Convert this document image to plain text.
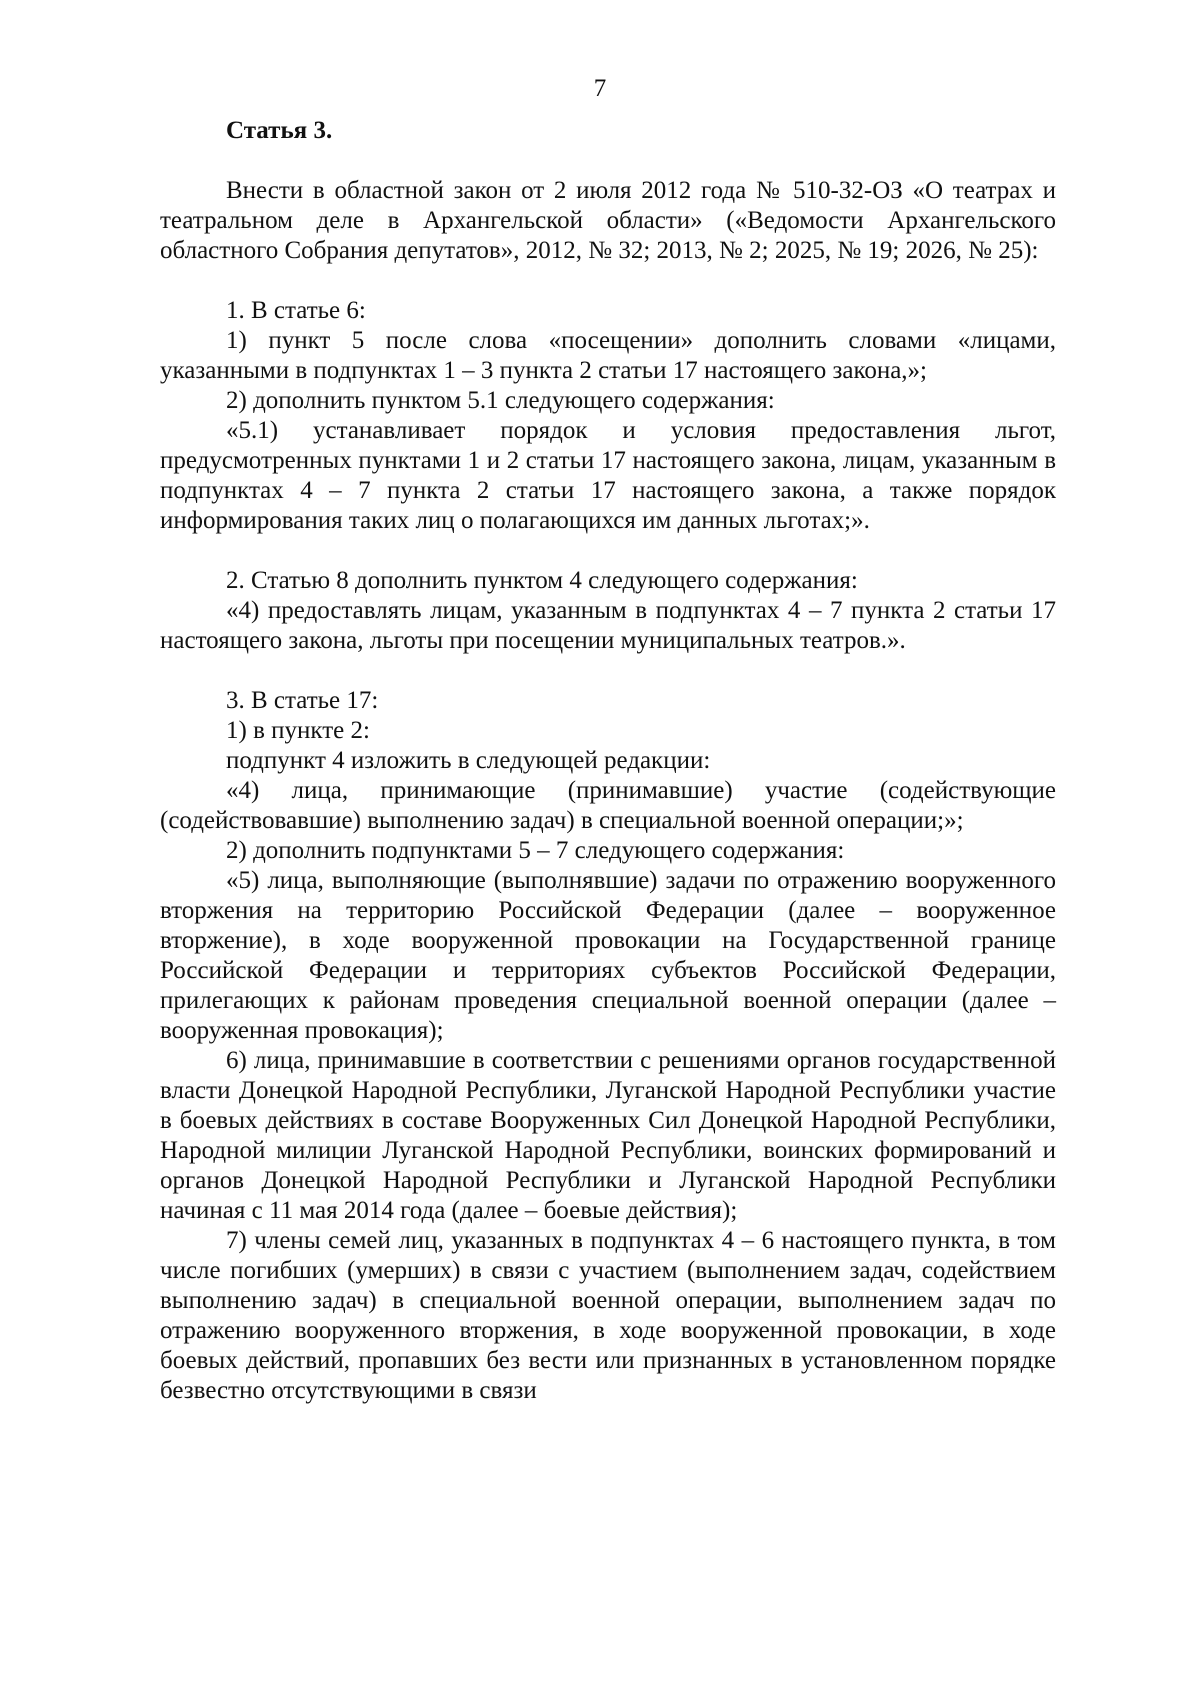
7
Статья 3.

Внести в областной закон от 2 июля 2012 года № 510-32-ОЗ «О театрах и театральном деле в Архангельской области» («Ведомости Архангельского областного Собрания депутатов», 2012, № 32; 2013, № 2; 2025, № 19; 2026, № 25):

1. В статье 6:

1) пункт 5 после слова «посещении» дополнить словами «лицами, указанными в подпунктах 1 – 3 пункта 2 статьи 17 настоящего закона,»;

2) дополнить пунктом 5.1 следующего содержания:

«5.1) устанавливает порядок и условия предоставления льгот, предусмотренных пунктами 1 и 2 статьи 17 настоящего закона, лицам, указанным в подпунктах 4 – 7 пункта 2 статьи 17 настоящего закона, а также порядок информирования таких лиц о полагающихся им данных льготах;».

2. Статью 8 дополнить пунктом 4 следующего содержания:

«4) предоставлять лицам, указанным в подпунктах 4 – 7 пункта 2 статьи 17 настоящего закона, льготы при посещении муниципальных театров.».

3. В статье 17:

1) в пункте 2:

подпункт 4 изложить в следующей редакции:

«4) лица, принимающие (принимавшие) участие (содействующие (содействовавшие) выполнению задач) в специальной военной операции;»;

2) дополнить подпунктами 5 – 7 следующего содержания:

«5) лица, выполняющие (выполнявшие) задачи по отражению вооруженного вторжения на территорию Российской Федерации (далее – вооруженное вторжение), в ходе вооруженной провокации на Государственной границе Российской Федерации и территориях субъектов Российской Федерации, прилегающих к районам проведения специальной военной операции (далее – вооруженная провокация);

6) лица, принимавшие в соответствии с решениями органов государственной власти Донецкой Народной Республики, Луганской Народной Республики участие в боевых действиях в составе Вооруженных Сил Донецкой Народной Республики, Народной милиции Луганской Народной Республики, воинских формирований и органов Донецкой Народной Республики и Луганской Народной Республики начиная с 11 мая 2014 года (далее – боевые действия);

7) члены семей лиц, указанных в подпунктах 4 – 6 настоящего пункта, в том числе погибших (умерших) в связи с участием (выполнением задач, содействием выполнению задач) в специальной военной операции, выполнением задач по отражению вооруженного вторжения, в ходе вооруженной провокации, в ходе боевых действий, пропавших без вести или признанных в установленном порядке безвестно отсутствующими в связи
